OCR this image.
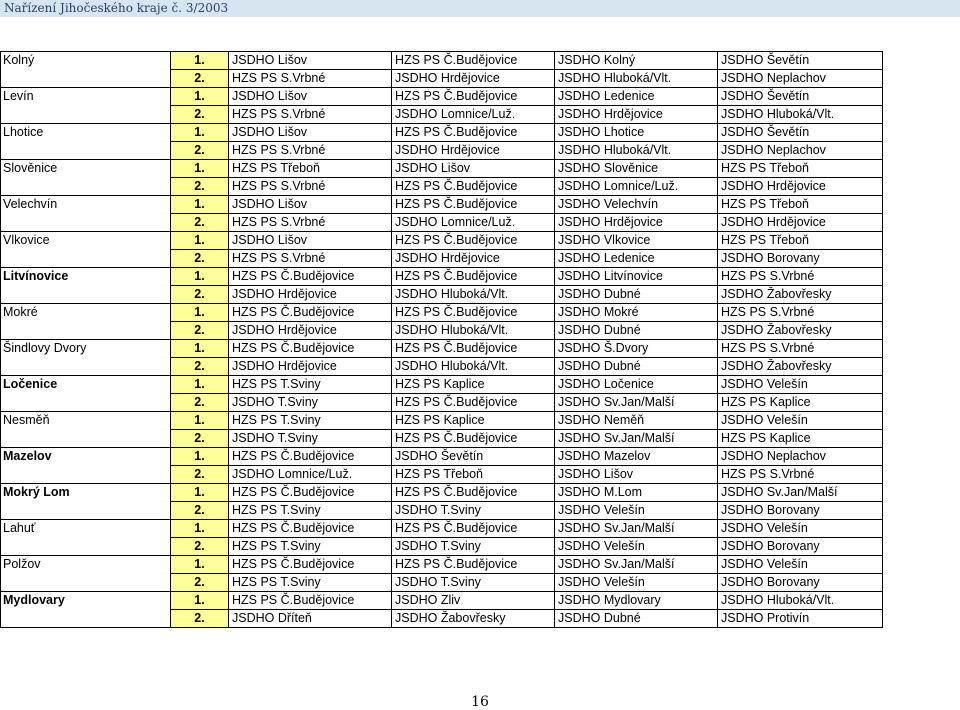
Nařízení Jihočeského kraje č. 3/2003
Kolný	1.	JSDHO Lišov	HZS PS Č.Budějovice	JSDHO Kolný	JSDHO Ševětín
	2.	HZS PS S.Vrbné	JSDHO Hrdějovice	JSDHO Hluboká/Vlt.	JSDHO Neplachov
Levín	1.	JSDHO Lišov	HZS PS Č.Budějovice	JSDHO Ledenice	JSDHO Ševětín
	2.	HZS PS S.Vrbné	JSDHO Lomnice/Luž.	JSDHO Hrdějovice	JSDHO Hluboká/Vlt.
Lhotice	1.	JSDHO Lišov	HZS PS Č.Budějovice	JSDHO Lhotice	JSDHO Ševětín
	2.	HZS PS S.Vrbné	JSDHO Hrdějovice	JSDHO Hluboká/Vlt.	JSDHO Neplachov
Slověnice	1.	HZS PS Třeboň	JSDHO Lišov	JSDHO Slověnice	HZS PS Třeboň
	2.	HZS PS S.Vrbné	HZS PS Č.Budějovice	JSDHO Lomnice/Luž.	JSDHO Hrdějovice
Velechvín	1.	JSDHO Lišov	HZS PS Č.Budějovice	JSDHO Velechvín	HZS PS Třeboň
	2.	HZS PS S.Vrbné	JSDHO Lomnice/Luž.	JSDHO Hrdějovice	JSDHO Hrdějovice
Vlkovice	1.	JSDHO Lišov	HZS PS Č.Budějovice	JSDHO Vlkovice	HZS PS Třeboň
	2.	HZS PS S.Vrbné	JSDHO Hrdějovice	JSDHO Ledenice	JSDHO Borovany
Litvínovice	1.	HZS PS Č.Budějovice	HZS PS Č.Budějovice	JSDHO Litvínovice	HZS PS S.Vrbné
	2.	JSDHO Hrdějovice	JSDHO Hluboká/Vlt.	JSDHO Dubné	JSDHO Žabovřesky
Mokré	1.	HZS PS Č.Budějovice	HZS PS Č.Budějovice	JSDHO Mokré	HZS PS S.Vrbné
	2.	JSDHO Hrdějovice	JSDHO Hluboká/Vlt.	JSDHO Dubné	JSDHO Žabovřesky
Šindlovy Dvory	1.	HZS PS Č.Budějovice	HZS PS Č.Budějovice	JSDHO Š.Dvory	HZS PS S.Vrbné
	2.	JSDHO Hrdějovice	JSDHO Hluboká/Vlt.	JSDHO Dubné	JSDHO Žabovřesky
Ločenice	1.	HZS PS T.Sviny	HZS PS Kaplice	JSDHO Ločenice	JSDHO Velešín
	2.	JSDHO T.Sviny	HZS PS Č.Budějovice	JSDHO Sv.Jan/Malší	HZS PS Kaplice
Nesměň	1.	HZS PS T.Sviny	HZS PS Kaplice	JSDHO Neměň	JSDHO Velešín
	2.	JSDHO T.Sviny	HZS PS Č.Budějovice	JSDHO Sv.Jan/Malší	HZS PS Kaplice
Mazelov	1.	HZS PS Č.Budějovice	JSDHO Ševětín	JSDHO Mazelov	JSDHO Neplachov
	2.	JSDHO Lomnice/Luž.	HZS PS Třeboň	JSDHO Lišov	HZS PS S.Vrbné
Mokrý Lom	1.	HZS PS Č.Budějovice	HZS PS Č.Budějovice	JSDHO M.Lom	JSDHO Sv.Jan/Malší
	2.	HZS PS T.Sviny	JSDHO T.Sviny	JSDHO Velešín	JSDHO Borovany
Lahuť	1.	HZS PS Č.Budějovice	HZS PS Č.Budějovice	JSDHO Sv.Jan/Malší	JSDHO Velešín
	2.	HZS PS T.Sviny	JSDHO T.Sviny	JSDHO Velešín	JSDHO Borovany
Polžov	1.	HZS PS Č.Budějovice	HZS PS Č.Budějovice	JSDHO Sv.Jan/Malší	JSDHO Velešín
	2.	HZS PS T.Sviny	JSDHO T.Sviny	JSDHO Velešín	JSDHO Borovany
Mydlovary	1.	HZS PS Č.Budějovice	JSDHO Zliv	JSDHO Mydlovary	JSDHO Hluboká/Vlt.
	2.	JSDHO Dříteň	JSDHO Žabovřesky	JSDHO Dubné	JSDHO Protivín
16
